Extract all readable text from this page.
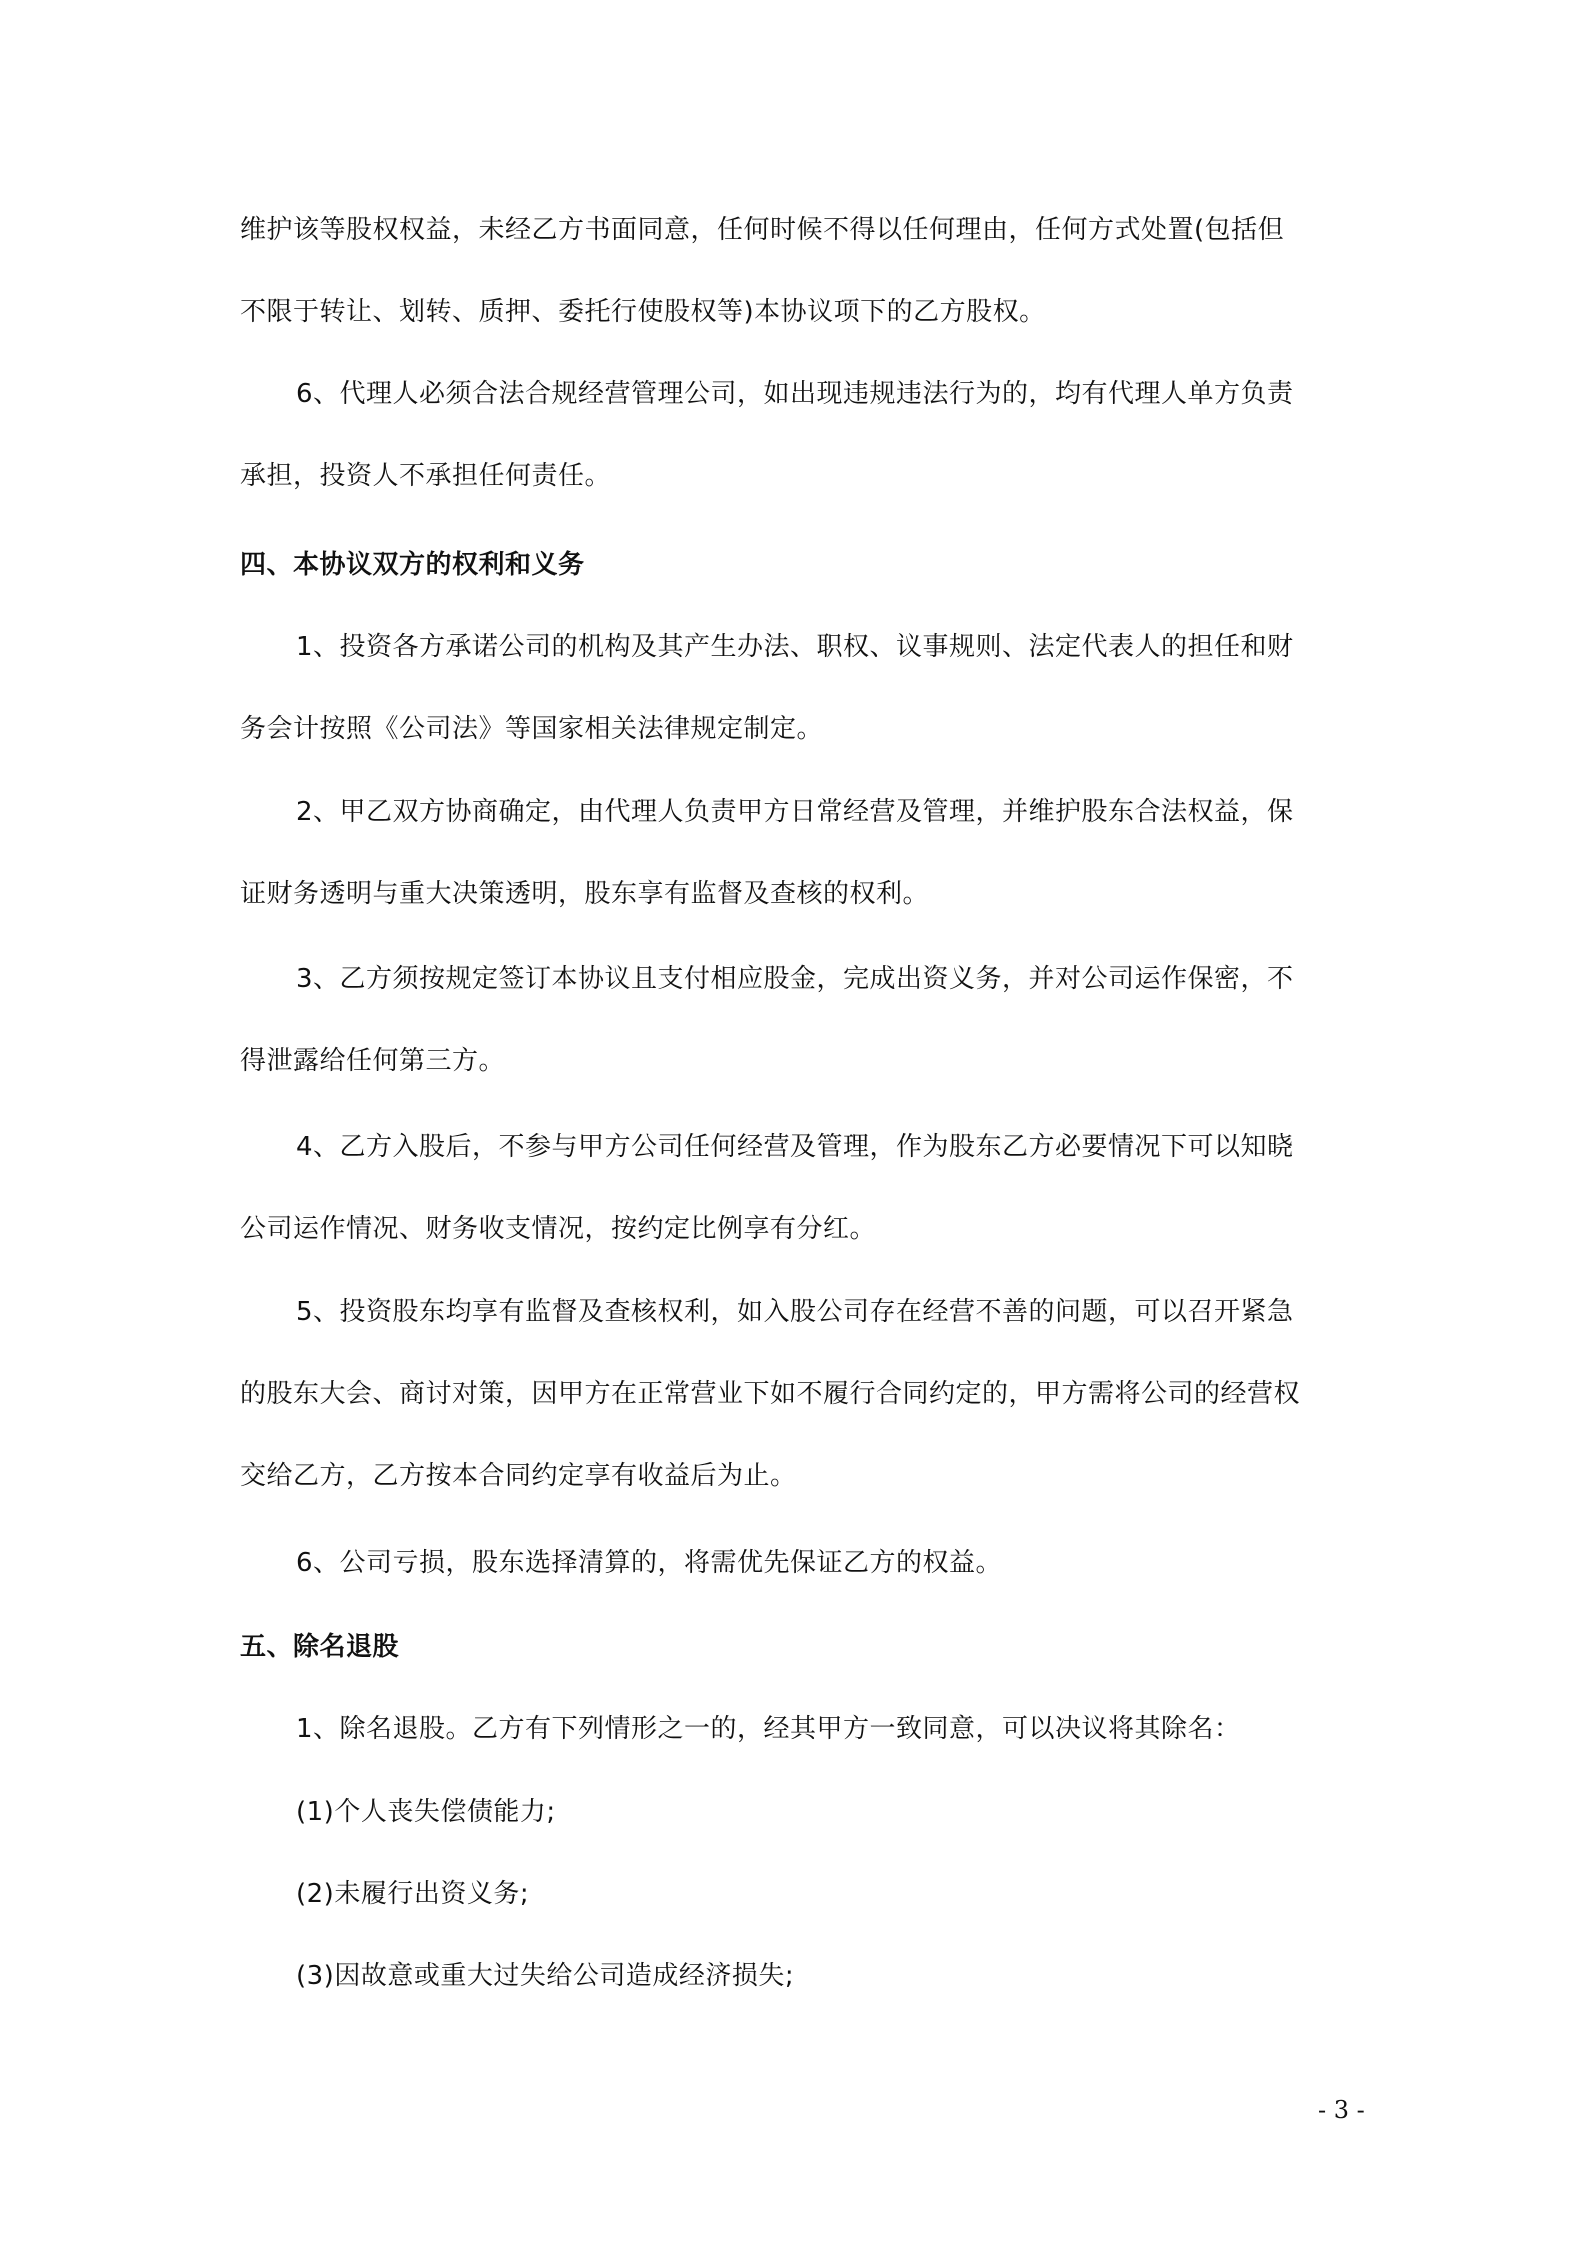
维护该等股权权益，未经乙方书面同意，任何时候不得以任何理由，任何方式处置(包括但
不限于转让、划转、质押、委托行使股权等)本协议项下的乙方股权。
6、代理人必须合法合规经营管理公司，如出现违规违法行为的，均有代理人单方负责
承担，投资人不承担任何责任。
四、本协议双方的权利和义务
1、投资各方承诺公司的机构及其产生办法、职权、议事规则、法定代表人的担任和财
务会计按照《公司法》等国家相关法律规定制定。
2、甲乙双方协商确定，由代理人负责甲方日常经营及管理，并维护股东合法权益，保
证财务透明与重大决策透明，股东享有监督及查核的权利。
3、乙方须按规定签订本协议且支付相应股金，完成出资义务，并对公司运作保密，不
得泄露给任何第三方。
4、乙方入股后，不参与甲方公司任何经营及管理，作为股东乙方必要情况下可以知晓
公司运作情况、财务收支情况，按约定比例享有分红。
5、投资股东均享有监督及查核权利，如入股公司存在经营不善的问题，可以召开紧急
的股东大会、商讨对策，因甲方在正常营业下如不履行合同约定的，甲方需将公司的经营权
交给乙方，乙方按本合同约定享有收益后为止。
6、公司亏损，股东选择清算的，将需优先保证乙方的权益。
五、除名退股
1、除名退股。乙方有下列情形之一的，经其甲方一致同意，可以决议将其除名：
(1)个人丧失偿债能力;
(2)未履行出资义务;
(3)因故意或重大过失给公司造成经济损失;
- 3 -
